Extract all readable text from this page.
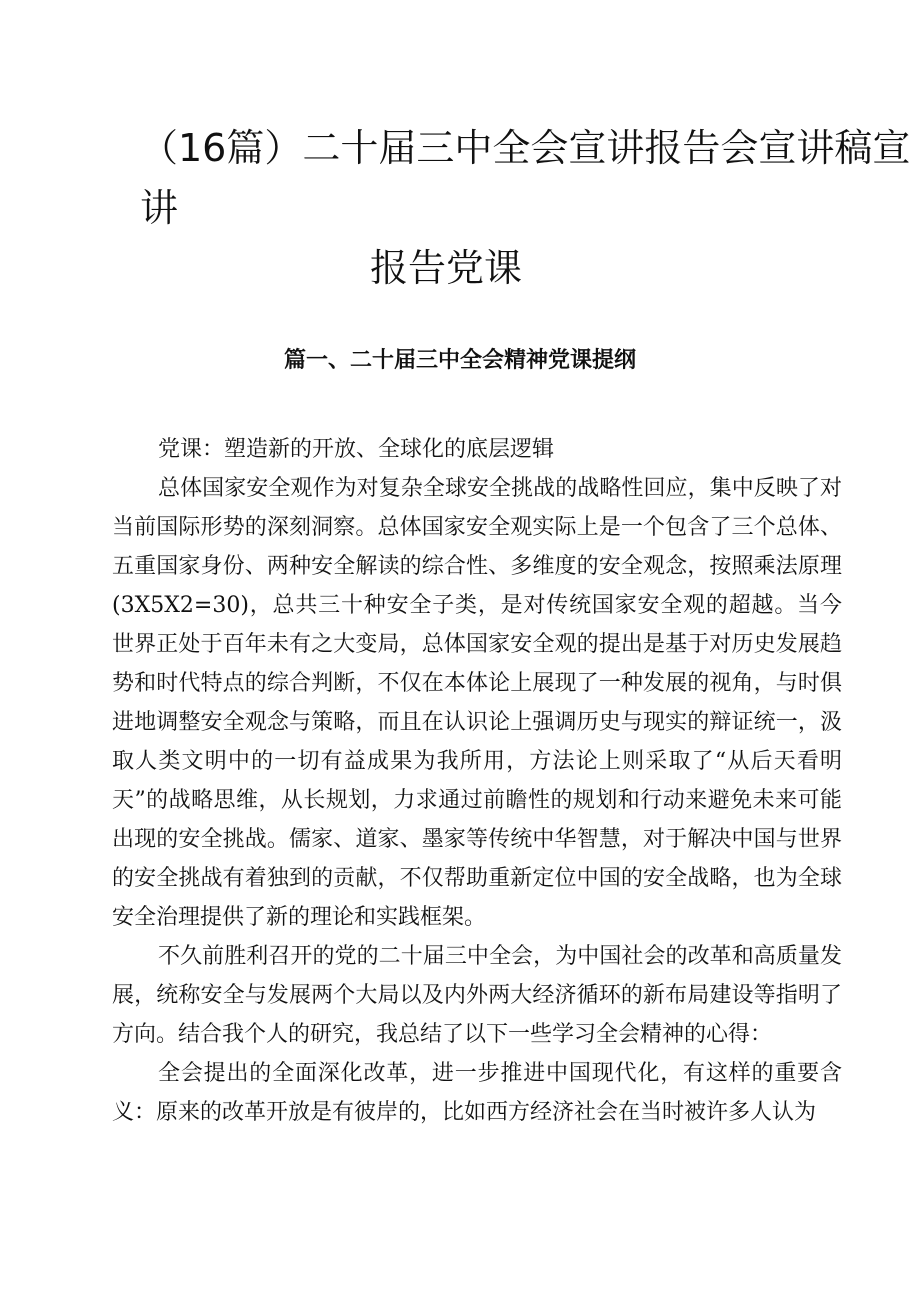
（16篇）二十届三中全会宣讲报告会宣讲稿宣讲
报告党课
篇一、二十届三中全会精神党课提纲

党课：塑造新的开放、全球化的底层逻辑

总体国家安全观作为对复杂全球安全挑战的战略性回应，集中反映了对当前国际形势的深刻洞察。总体国家安全观实际上是一个包含了三个总体、五重国家身份、两种安全解读的综合性、多维度的安全观念，按照乘法原理(3X5X2=30)，总共三十种安全子类，是对传统国家安全观的超越。当今世界正处于百年未有之大变局，总体国家安全观的提出是基于对历史发展趋势和时代特点的综合判断，不仅在本体论上展现了一种发展的视角，与时俱进地调整安全观念与策略，而且在认识论上强调历史与现实的辩证统一，汲取人类文明中的一切有益成果为我所用，方法论上则采取了“从后天看明天”的战略思维，从长规划，力求通过前瞻性的规划和行动来避免未来可能出现的安全挑战。儒家、道家、墨家等传统中华智慧，对于解决中国与世界的安全挑战有着独到的贡献，不仅帮助重新定位中国的安全战略，也为全球安全治理提供了新的理论和实践框架。

不久前胜利召开的党的二十届三中全会，为中国社会的改革和高质量发展，统称安全与发展两个大局以及内外两大经济循环的新布局建设等指明了方向。结合我个人的研究，我总结了以下一些学习全会精神的心得：

全会提出的全面深化改革，进一步推进中国现代化，有这样的重要含义：原来的改革开放是有彼岸的，比如西方经济社会在当时被许多人认为
